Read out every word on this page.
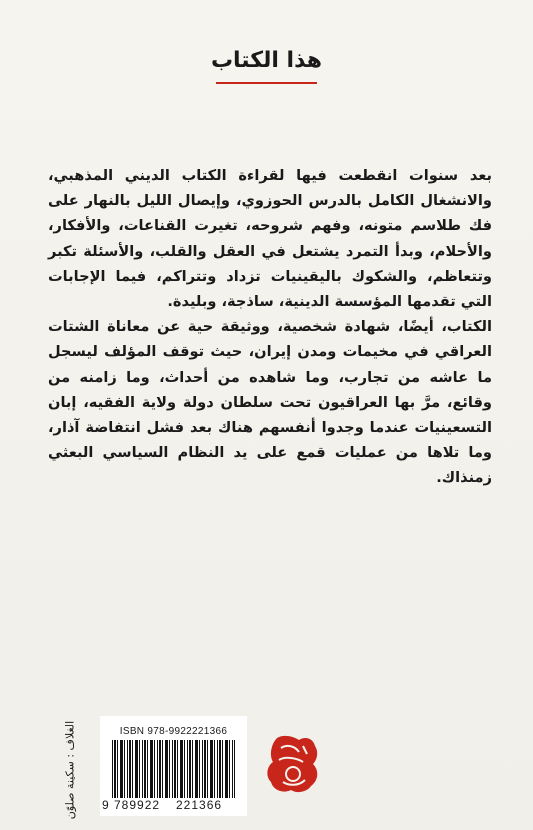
هذا الكتاب

بعد سنوات انقطعت فيها لقراءة الكتاب الديني المذهبي، والانشغال الكامل بالدرس الحوزوي، وإيصال الليل بالنهار على فك طلاسم متونه، وفهم شروحه، تغيرت القناعات، والأفكار، والأحلام، وبدأ التمرد يشتعل في العقل والقلب، والأسئلة تكبر وتتعاظم، والشكوك باليقينيات تزداد وتتراكم، فيما الإجابات التي تقدمها المؤسسة الدينية، ساذجة، وبليدة.

الكتاب، أيضًا، شهادة شخصية، ووثيقة حية عن معاناة الشتات العراقي في مخيمات ومدن إيران، حيث توقف المؤلف ليسجل ما عاشه من تجارب، وما شاهده من أحداث، وما زامنه من وقائع، مرَّ بها العراقيون تحت سلطان دولة ولاية الفقيه، إبان التسعينيات عندما وجدوا أنفسهم هناك بعد فشل انتفاضة آذار، وما تلاها من عمليات قمع على يد النظام السياسي البعثي زمنذاك.

الغلاف : سكينة صلوّن	ISBN 978-9922221366
9 789922 221366
